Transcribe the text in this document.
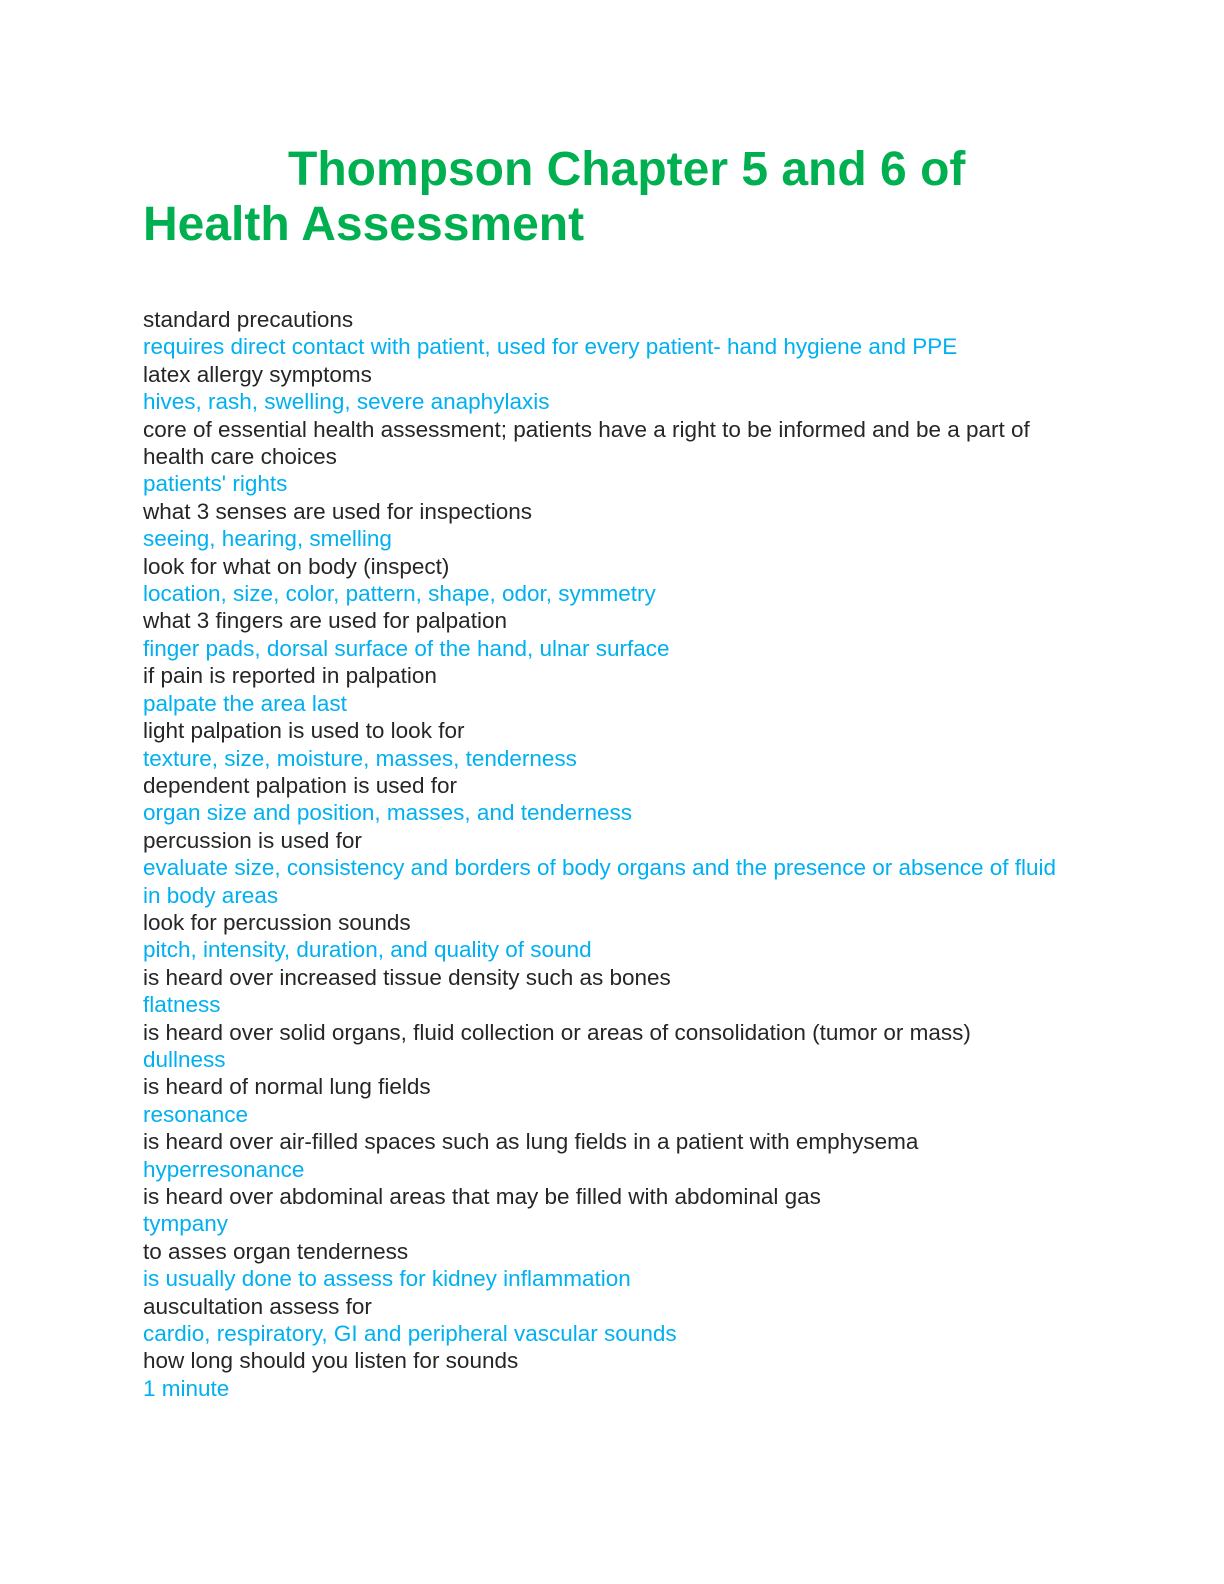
Thompson Chapter 5 and 6 of
Health Assessment
standard precautions
requires direct contact with patient, used for every patient- hand hygiene and PPE
latex allergy symptoms
hives, rash, swelling, severe anaphylaxis
core of essential health assessment; patients have a right to be informed and be a part of health care choices
patients' rights
what 3 senses are used for inspections
seeing, hearing, smelling
look for what on body (inspect)
location, size, color, pattern, shape, odor, symmetry
what 3 fingers are used for palpation
finger pads, dorsal surface of the hand, ulnar surface
if pain is reported in palpation
palpate the area last
light palpation is used to look for
texture, size, moisture, masses, tenderness
dependent palpation is used for
organ size and position, masses, and tenderness
percussion is used for
evaluate size, consistency and borders of body organs and the presence or absence of fluid in body areas
look for percussion sounds
pitch, intensity, duration, and quality of sound
is heard over increased tissue density such as bones
flatness
is heard over solid organs, fluid collection or areas of consolidation (tumor or mass)
dullness
is heard of normal lung fields
resonance
is heard over air-filled spaces such as lung fields in a patient with emphysema
hyperresonance
is heard over abdominal areas that may be filled with abdominal gas
tympany
to asses organ tenderness
is usually done to assess for kidney inflammation
auscultation assess for
cardio, respiratory, GI and peripheral vascular sounds
how long should you listen for sounds
1 minute
